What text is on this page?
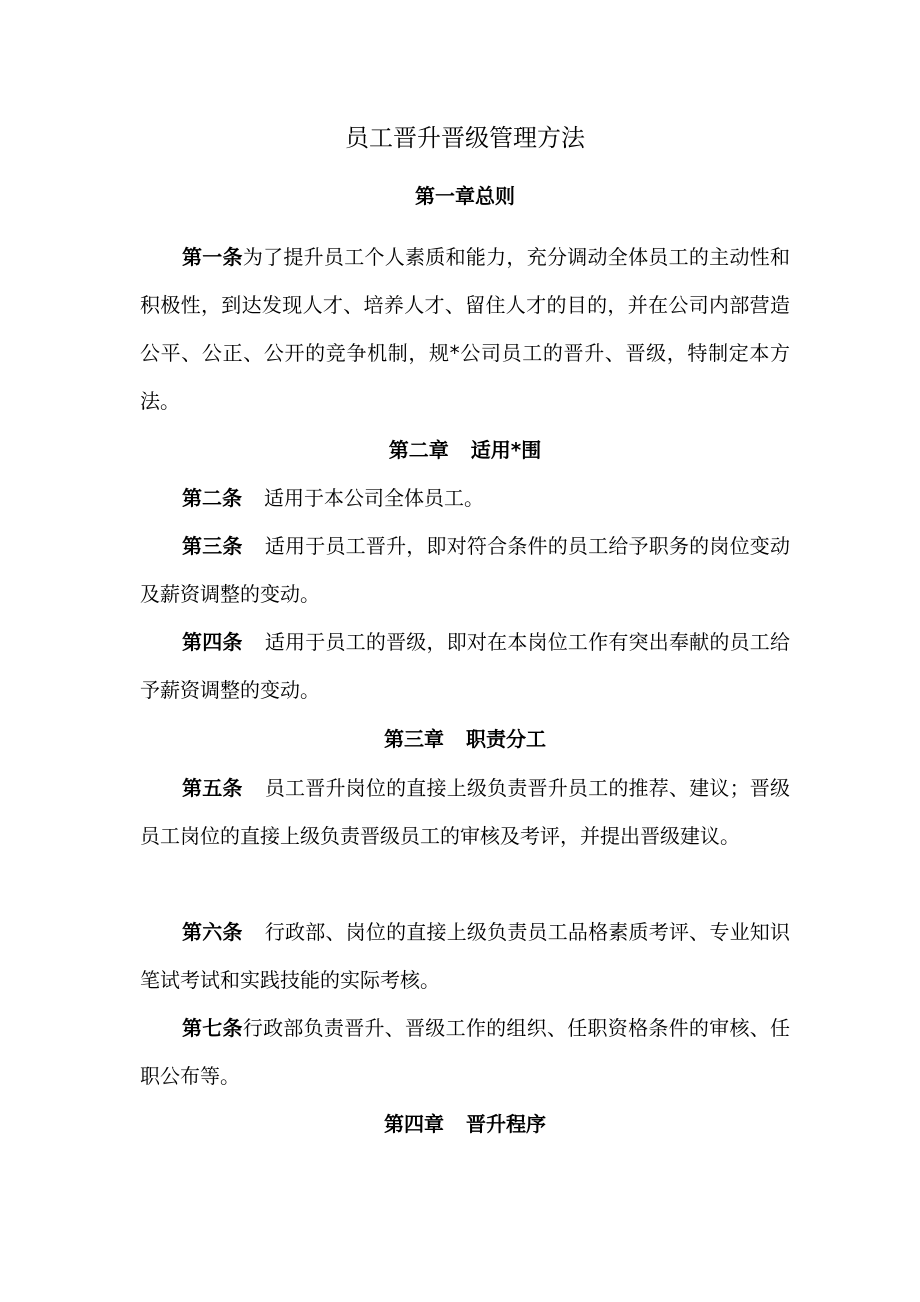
员工晋升晋级管理方法
第一章总则

第一条为了提升员工个人素质和能力，充分调动全体员工的主动性和积极性，到达发现人才、培养人才、留住人才的目的，并在公司内部营造公平、公正、公开的竞争机制，规*公司员工的晋升、晋级，特制定本方法。

第二章 适用*围

第二条 适用于本公司全体员工。

第三条 适用于员工晋升，即对符合条件的员工给予职务的岗位变动及薪资调整的变动。

第四条 适用于员工的晋级，即对在本岗位工作有突出奉献的员工给予薪资调整的变动。

第三章 职责分工

第五条 员工晋升岗位的直接上级负责晋升员工的推荐、建议；晋级员工岗位的直接上级负责晋级员工的审核及考评，并提出晋级建议。

第六条 行政部、岗位的直接上级负责员工品格素质考评、专业知识笔试考试和实践技能的实际考核。

第七条行政部负责晋升、晋级工作的组织、任职资格条件的审核、任职公布等。

第四章 晋升程序
